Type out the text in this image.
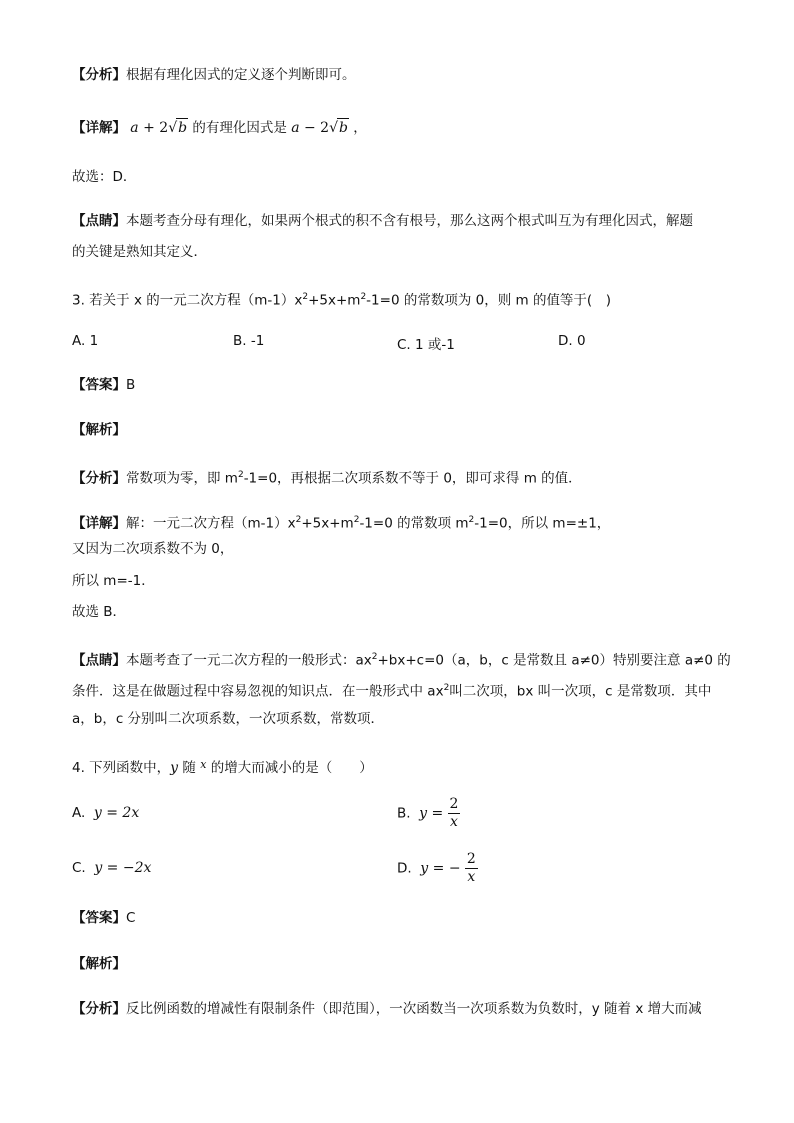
【分析】根据有理化因式的定义逐个判断即可。
【详解】 a + 2√b 的有理化因式是 a − 2√b ，
故选：D．
【点睛】本题考查分母有理化，如果两个根式的积不含有根号，那么这两个根式叫互为有理化因式，解题
的关键是熟知其定义．
3. 若关于 x 的一元二次方程$(m-1)x^2+5x+m^2-1=0$ 的常数项为 0，则 m 的值等于(　)
A. 1	B. -1	C. 1 或-1	D. 0
【答案】B
【解析】
【分析】常数项为零，即 $m^2-1=0$，再根据二次项系数不等于 0，即可求得 m 的值．
【详解】解：一元二次方程$(m-1)x^2+5x+m^2-1=0$ 的常数项 $m^2-1=0$，所以 m=±1，
又因为二次项系数不为 0，
所以 m=-1．
故选 B．
【点睛】本题考查了一元二次方程的一般形式：$ax^2+bx+c=0(a$，b，c 是常数且 a≠0）特别要注意 a≠0 的
条件．这是在做题过程中容易忽视的知识点．在一般形式中 $ax^2$叫二次项，bx 叫一次项，c 是常数项．其中
a，b，c 分别叫二次项系数，一次项系数，常数项．
4. 下列函数中，y 随 $^x$ 的增大而减小的是（　　）
A. y = 2x	B. $y = \frac{2}{x}$
C. y = −2x	D. y = − $\frac{2}{x}$
【答案】C
【解析】
【分析】反比例函数的增减性有限制条件（即范围），一次函数当一次项系数为负数时，y 随着 x 增大而减
